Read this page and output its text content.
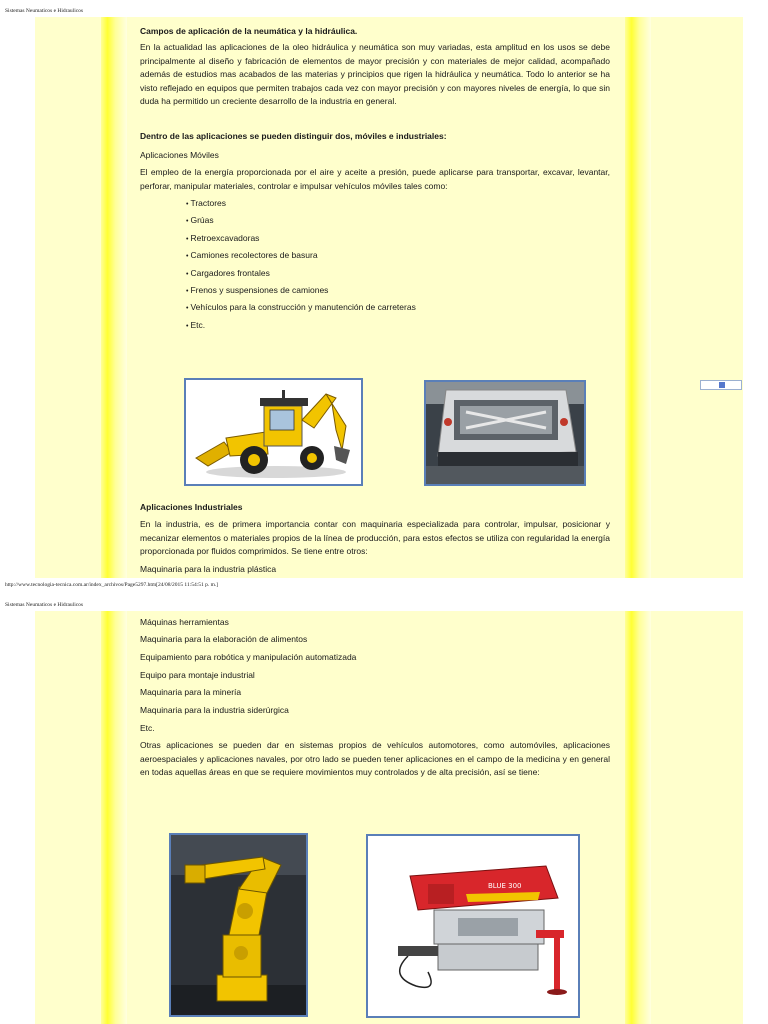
Sistemas Neumaticos e Hidraulicos
Campos de aplicación de la neumática y la hidráulica.
En la actualidad las aplicaciones de la oleo hidráulica y neumática son muy variadas, esta amplitud en los usos se debe principalmente al diseño y fabricación de elementos de mayor precisión y con materiales de mejor calidad, acompañado además de estudios mas acabados de las materias y principios que rigen la hidráulica y neumática. Todo lo anterior se ha visto reflejado en equipos que permiten trabajos cada vez con mayor precisión y con mayores niveles de energía, lo que sin duda ha permitido un creciente desarrollo de la industria en general.
Dentro de las aplicaciones se pueden distinguir dos, móviles e industriales:
Aplicaciones Móviles
El empleo de la energía proporcionada por el aire y aceite a presión, puede aplicarse para transportar, excavar, levantar, perforar, manipular materiales, controlar e impulsar vehículos móviles tales como:
• Tractores
• Grúas
• Retroexcavadoras
• Camiones recolectores de basura
• Cargadores frontales
• Frenos y suspensiones de camiones
• Vehículos para la construcción y manutención de carreteras
• Etc.
Aplicaciones Industriales
En la industria, es de primera importancia contar con maquinaria especializada para controlar, impulsar, posicionar y mecanizar elementos o materiales propios de la línea de producción, para estos efectos se utiliza con regularidad la energía proporcionada por fluidos comprimidos. Se tiene entre otros:
Maquinaria para la industria plástica
http://www.tecnologia-tecnica.com.ar/index_archivos/Page5297.htm[24/08/2015 11:54:51 p. m.]
Sistemas Neumaticos e Hidraulicos
Máquinas herramientas
Maquinaria para la elaboración de alimentos
Equipamiento para robótica y manipulación automatizada
Equipo para montaje industrial
Maquinaria para la minería
Maquinaria para la industria siderúrgica
Etc.
Otras aplicaciones se pueden dar en sistemas propios de vehículos automotores, como automóviles, aplicaciones aeroespaciales y aplicaciones navales, por otro lado se pueden tener aplicaciones en el campo de la medicina y en general en todas aquellas áreas en que se requiere movimientos muy controlados y de alta precisión, así se tiene:
BLUE 300
